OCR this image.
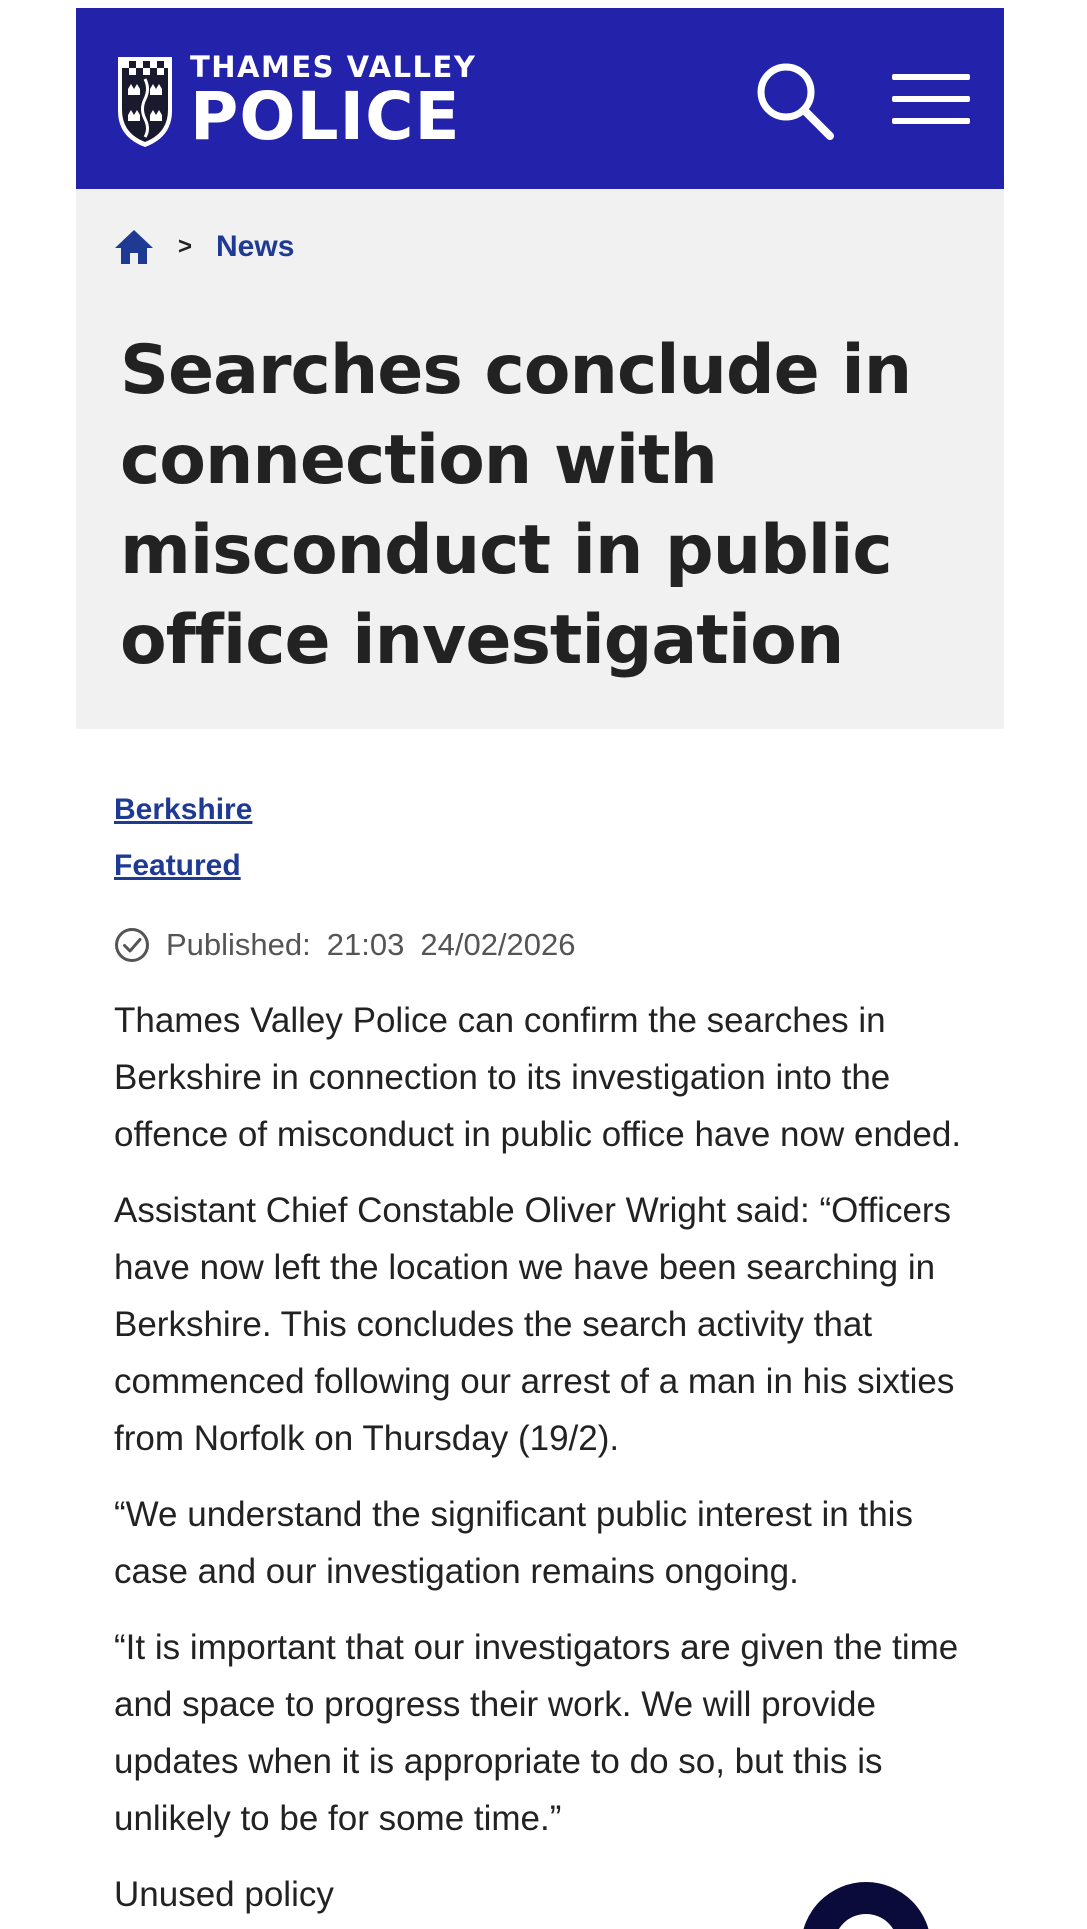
THAMES VALLEY
POLICE
> News
Searches conclude in connection with misconduct in public office investigation
Berkshire
Featured
Published: 21:03 24/02/2026

Thames Valley Police can confirm the searches in Berkshire in connection to its investigation into the offence of misconduct in public office have now ended.

Assistant Chief Constable Oliver Wright said: “Officers have now left the location we have been searching in Berkshire. This concludes the search activity that commenced following our arrest of a man in his sixties from Norfolk on Thursday (19/2).

“We understand the significant public interest in this case and our investigation remains ongoing.

“It is important that our investigators are given the time and space to progress their work. We will provide updates when it is appropriate to do so, but this is unlikely to be for some time.”

Unused policy
